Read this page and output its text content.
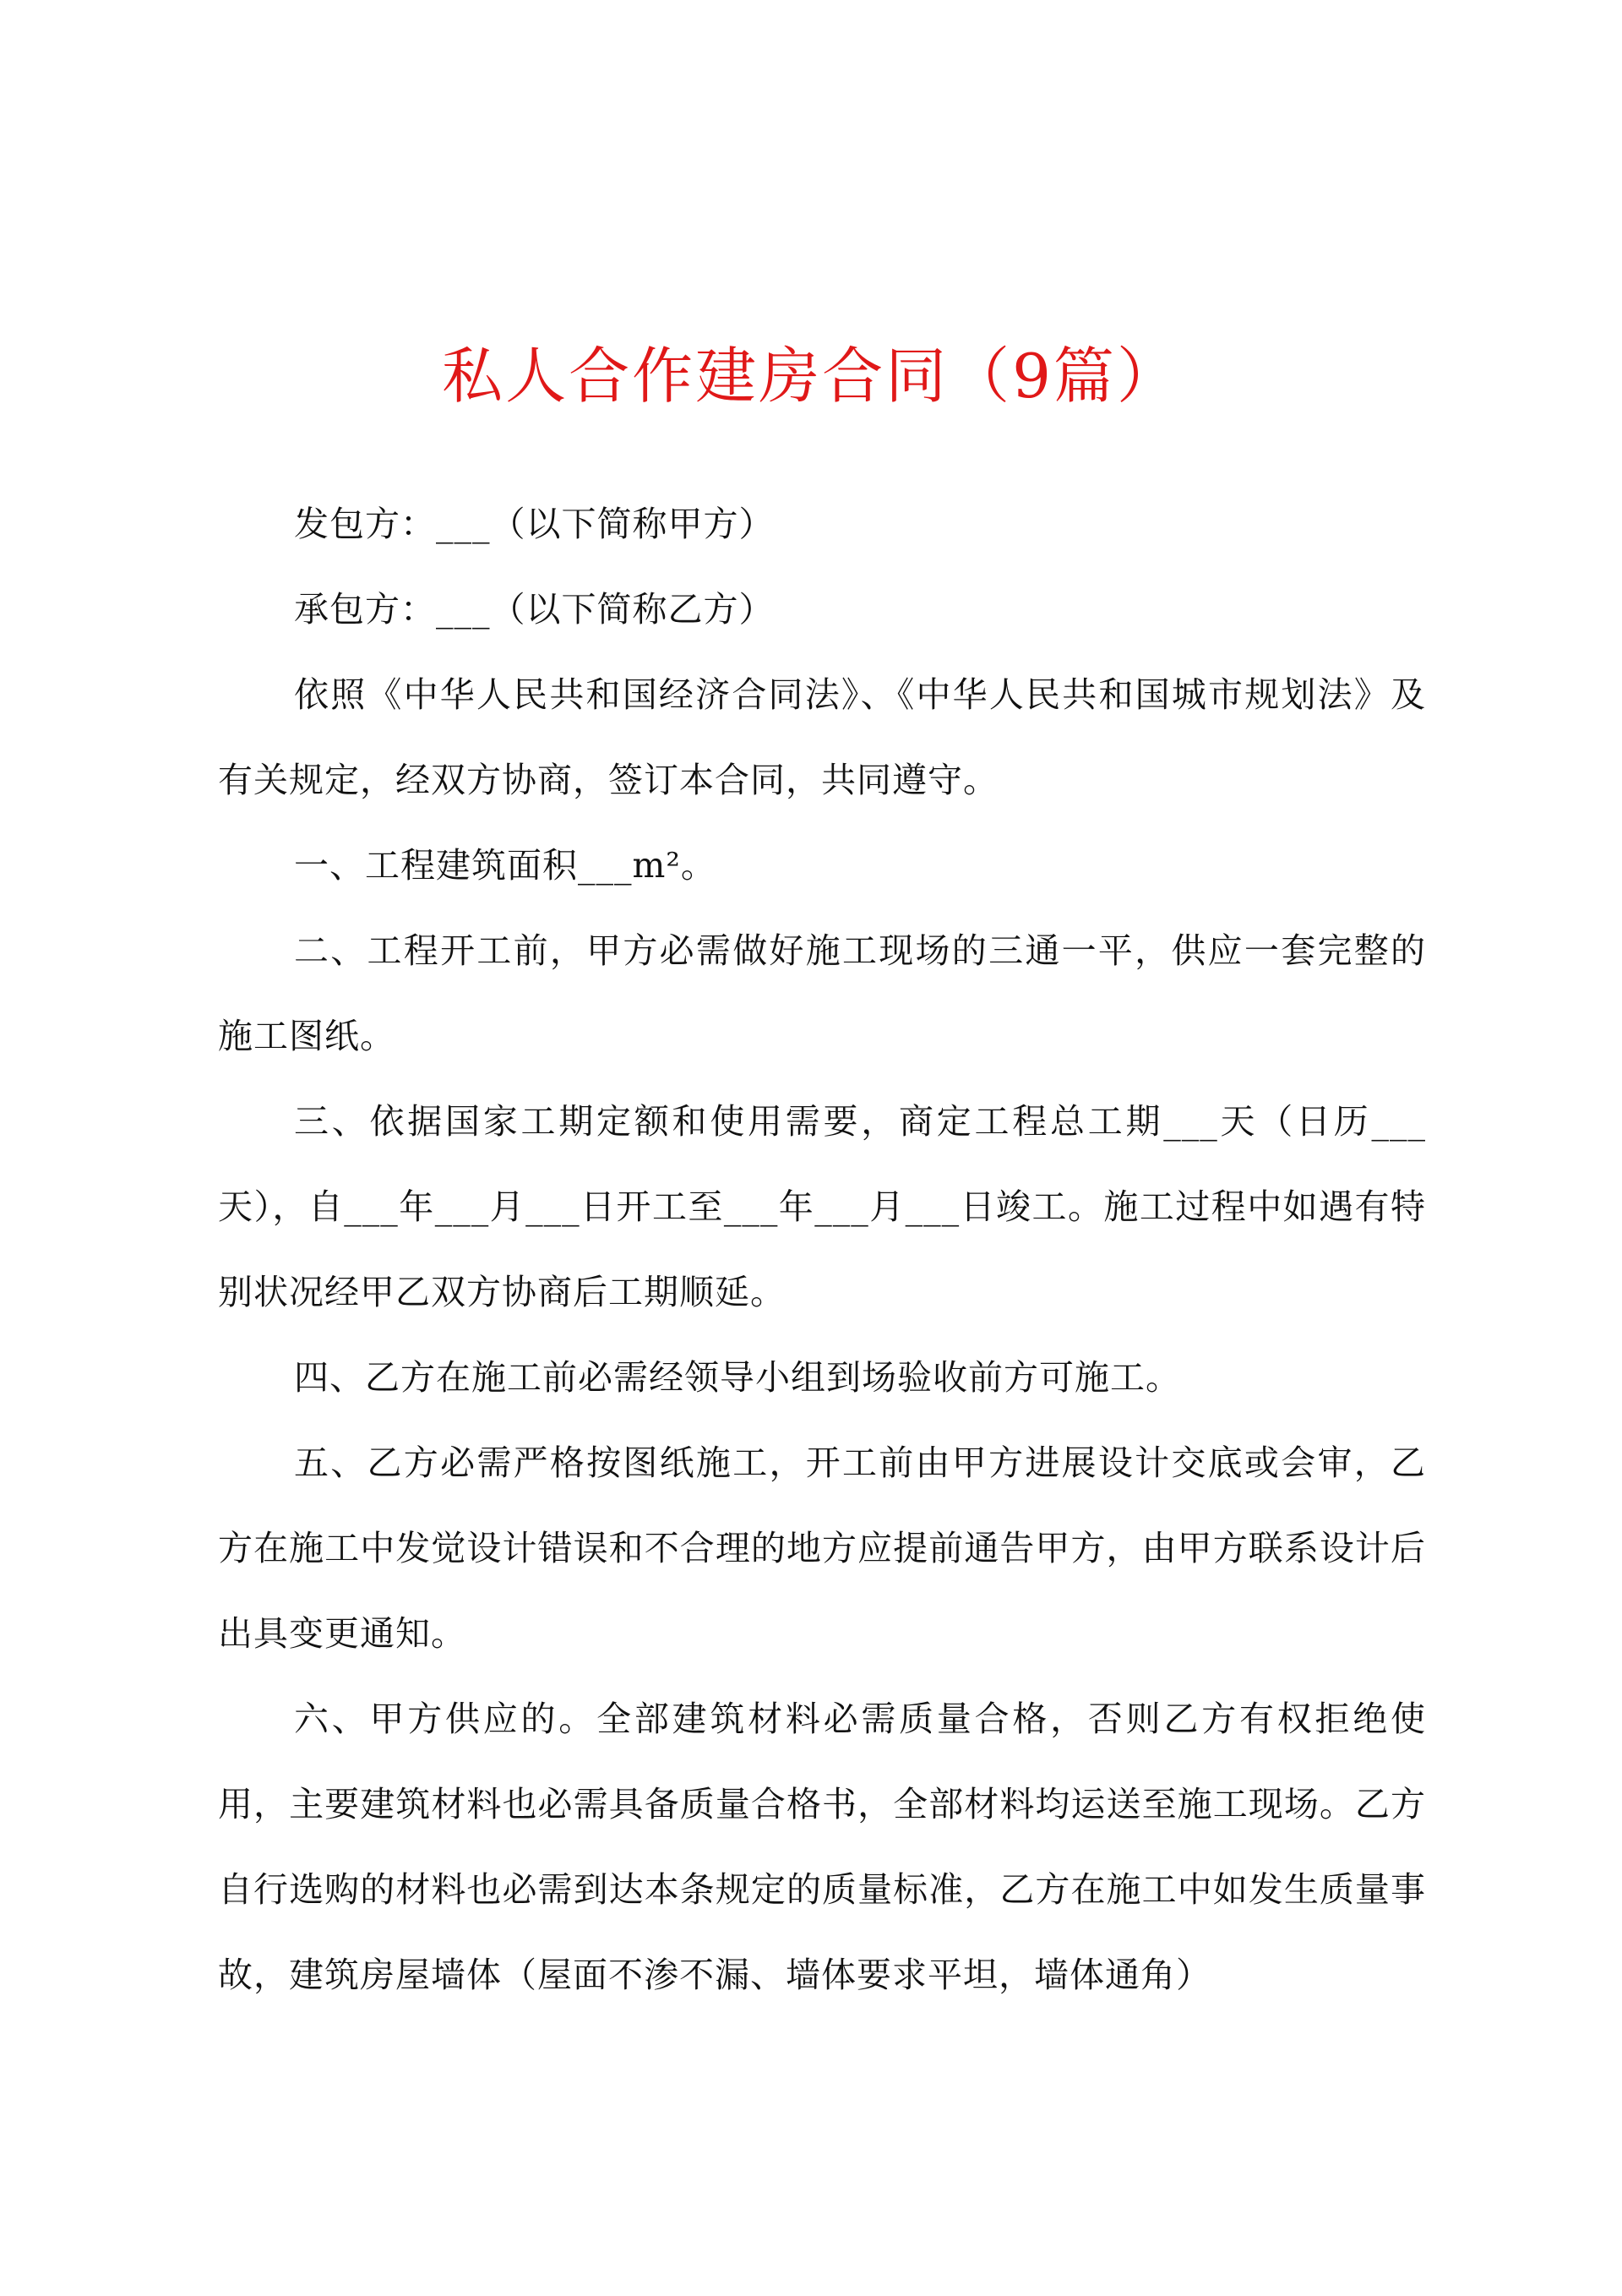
私人合作建房合同（9篇）

发包方：___（以下简称甲方）

承包方：___（以下简称乙方）

依照《中华人民共和国经济合同法》、《中华人民共和国城市规划法》及有关规定，经双方协商，签订本合同，共同遵守。

一、工程建筑面积___m²。

二、工程开工前，甲方必需做好施工现场的三通一平，供应一套完整的施工图纸。

三、依据国家工期定额和使用需要，商定工程总工期___天（日历___天），自___年___月___日开工至___年___月___日竣工。施工过程中如遇有特别状况经甲乙双方协商后工期顺延。

四、乙方在施工前必需经领导小组到场验收前方可施工。

五、乙方必需严格按图纸施工，开工前由甲方进展设计交底或会审，乙方在施工中发觉设计错误和不合理的地方应提前通告甲方，由甲方联系设计后出具变更通知。

六、甲方供应的。全部建筑材料必需质量合格，否则乙方有权拒绝使用，主要建筑材料也必需具备质量合格书，全部材料均运送至施工现场。乙方自行选购的材料也必需到达本条规定的质量标准，乙方在施工中如发生质量事故，建筑房屋墙体（屋面不渗不漏、墙体要求平坦，墙体通角）
